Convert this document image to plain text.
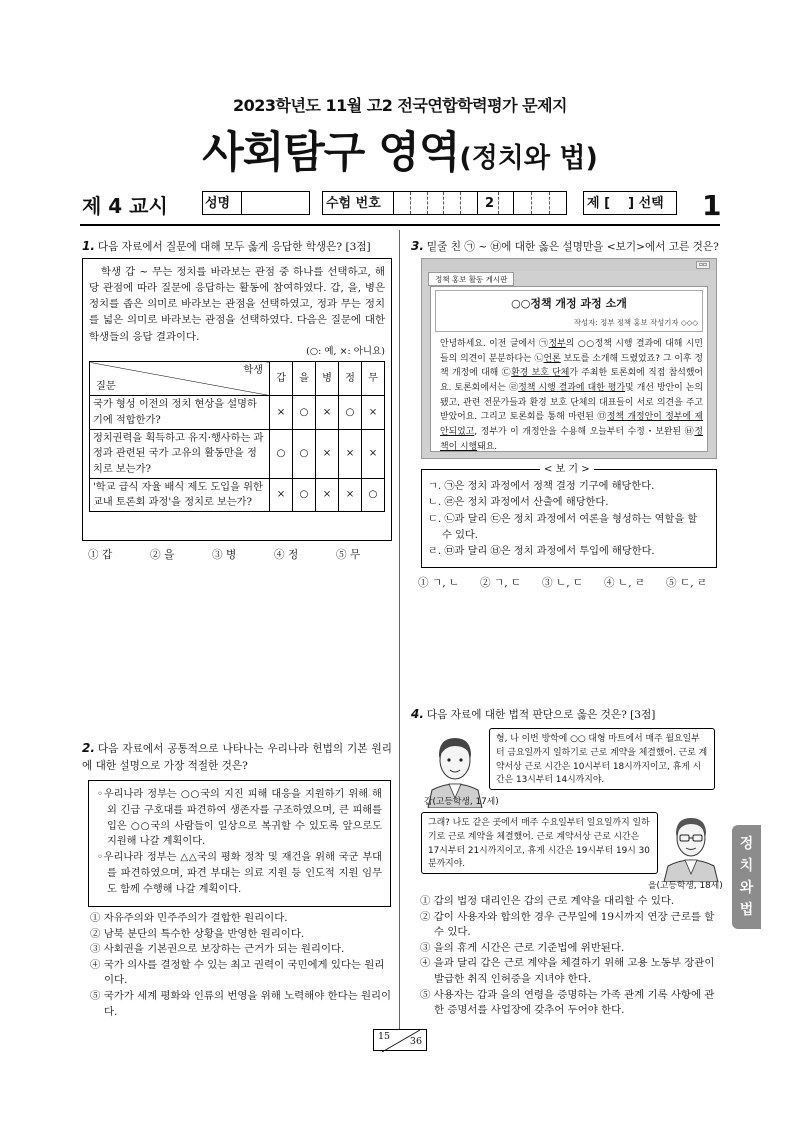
2023학년도 11월 고2 전국연합학력평가 문제지
사회탐구 영역(정치와 법)
제 4 교시	성명	수험 번호	2	제 [    ] 선택 1
1. 다음 자료에서 질문에 대해 모두 옳게 응답한 학생은? [3점]

학생 갑 ~ 무는 정치를 바라보는 관점 중 하나를 선택하고, 해당 관점에 따라 질문에 응답하는 활동에 참여하였다. 갑, 을, 병은 정치를 좁은 의미로 바라보는 관점을 선택하였고, 정과 무는 정치를 넓은 의미로 바라보는 관점을 선택하였다. 다음은 질문에 대한 학생들의 응답 결과이다.

(○: 예, ×: 아니요)
학생
질문	갑	을	병	정	무
국가 형성 이전의 정치 현상을 설명하기에 적합한가?	×	○	×	○	×
정치권력을 획득하고 유지·행사하는 과정과 관련된 국가 고유의 활동만을 정치로 보는가?	○	○	×	×	×
'학교 급식 자율 배식 제도 도입을 위한 교내 토론회 과정'을 정치로 보는가?	×	○	×	×	○
① 갑	② 을	③ 병	④ 정	⑤ 무
2. 다음 자료에서 공통적으로 나타나는 우리나라 헌법의 기본 원리에 대한 설명으로 가장 적절한 것은?
◦우리나라 정부는 ○○국의 지진 피해 대응을 지원하기 위해 해외 긴급 구호대를 파견하여 생존자를 구조하였으며, 큰 피해를 입은 ○○국의 사람들이 일상으로 복귀할 수 있도록 앞으로도 지원해 나갈 계획이다.
◦우리나라 정부는 △△국의 평화 정착 및 재건을 위해 국군 부대를 파견하였으며, 파견 부대는 의료 지원 등 인도적 지원 임무도 함께 수행해 나갈 계획이다.
① 자유주의와 민주주의가 결합한 원리이다.
② 남북 분단의 특수한 상황을 반영한 원리이다.
③ 사회권을 기본권으로 보장하는 근거가 되는 원리이다.
④ 국가 의사를 결정할 수 있는 최고 권력이 국민에게 있다는 원리이다.
⑤ 국가가 세계 평화와 인류의 번영을 위해 노력해야 한다는 원리이다.
3. 밑줄 친 ㉠ ~ ㉥에 대한 옳은 설명만을 <보기>에서 고른 것은?
▫▫
정책 홍보 활동 게시판
○○정책 개정 과정 소개
작성자: 정부 정책 홍보 작성기자 ◇◇◇
안녕하세요. 이전 글에서 ㉠정부의 ○○정책 시행 결과에 대해 시민들의 의견이 분분하다는 ㉡언론 보도를 소개해 드렸었죠? 그 이후 정책 개정에 대해 ㉢환경 보호 단체가 주최한 토론회에 직접 참석했어요. 토론회에서는 ㉣정책 시행 결과에 대한 평가및 개선 방안이 논의됐고, 관련 전문가들과 환경 보호 단체의 대표들이 서로 의견을 주고받았어요. 그리고 토론회를 통해 마련된 ㉤정책 개정안이 정부에 제안되었고, 정부가 이 개정안을 수용해 오늘부터 수정・보완된 ㉥정책이 시행돼요.
< 보 기 >
ㄱ. ㉠은 정치 과정에서 정책 결정 기구에 해당한다.
ㄴ. ㉣은 정치 과정에서 산출에 해당한다.
ㄷ. ㉡과 달리 ㉢은 정치 과정에서 여론을 형성하는 역할을 할 수 있다.
ㄹ. ㉤과 달리 ㉥은 정치 과정에서 투입에 해당한다.
① ㄱ, ㄴ ② ㄱ, ㄷ ③ ㄴ, ㄷ ④ ㄴ, ㄹ ⑤ ㄷ, ㄹ
4. 다음 자료에 대한 법적 판단으로 옳은 것은? [3점]
형, 나 이번 방학에 ○○ 대형 마트에서 매주 월요일부터 금요일까지 일하기로 근로 계약을 체결했어. 근로 계약서상 근로 시간은 10시부터 18시까지이고, 휴게 시간은 13시부터 14시까지야.
갑(고등학생, 17세)
그래? 나도 같은 곳에서 매주 수요일부터 일요일까지 일하기로 근로 계약을 체결했어. 근로 계약서상 근로 시간은 17시부터 21시까지이고, 휴게 시간은 19시부터 19시 30분까지야.
을(고등학생, 18세)
① 갑의 법정 대리인은 갑의 근로 계약을 대리할 수 있다.
② 갑이 사용자와 합의한 경우 근무일에 19시까지 연장 근로를 할 수 있다.
③ 을의 휴게 시간은 근로 기준법에 위반된다.
④ 을과 달리 갑은 근로 계약을 체결하기 위해 고용 노동부 장관이 발급한 취직 인허증을 지녀야 한다.
⑤ 사용자는 갑과 을의 연령을 증명하는 가족 관계 기록 사항에 관한 증명서를 사업장에 갖추어 두어야 한다.
정치와 법
15 36
